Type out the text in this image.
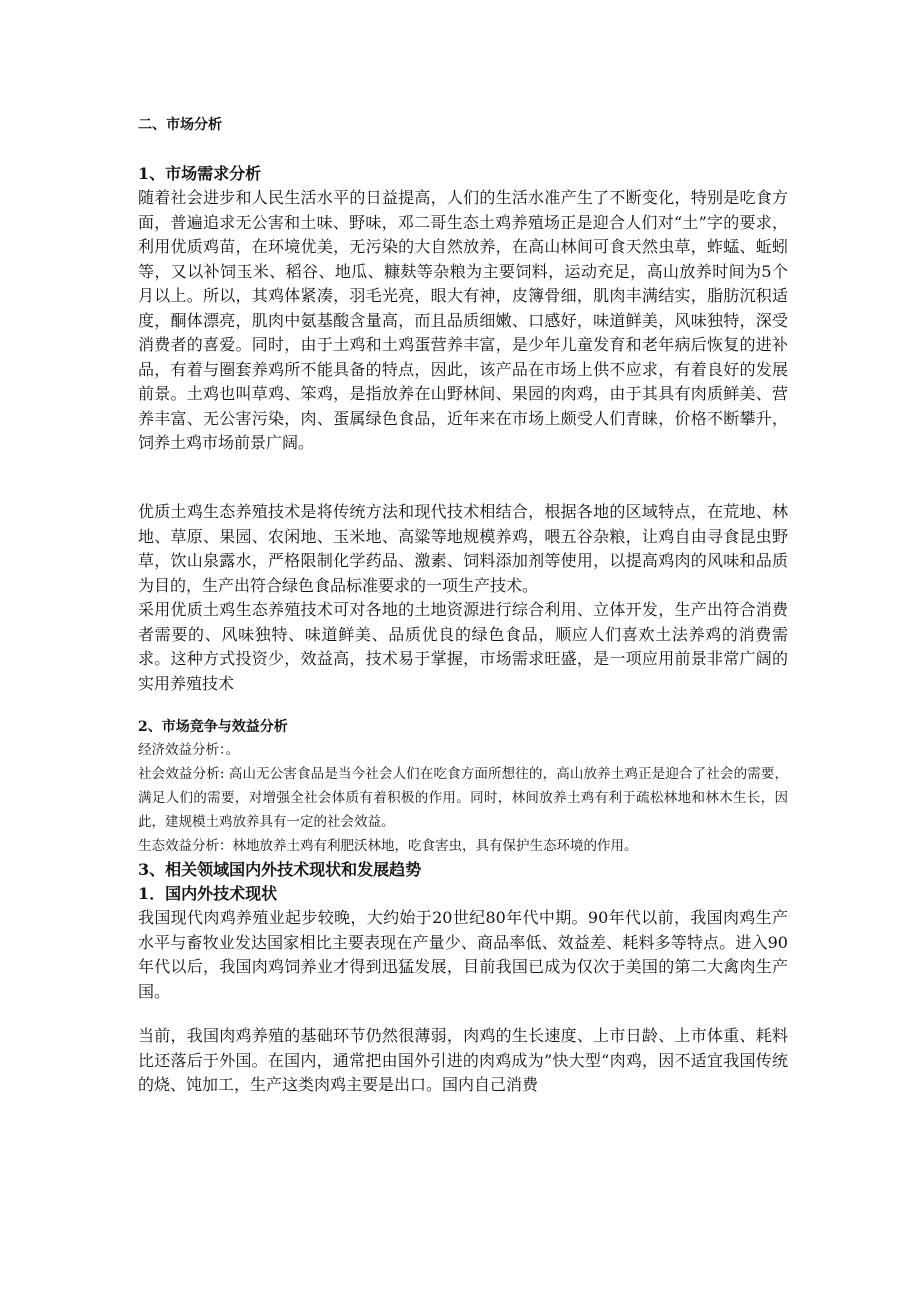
二、市场分析
1、市场需求分析

随着社会进步和人民生活水平的日益提高，人们的生活水准产生了不断变化，特别是吃食方面，普遍追求无公害和土味、野味，邓二哥生态土鸡养殖场正是迎合人们对“土”字的要求，利用优质鸡苗，在环境优美，无污染的大自然放养，在高山林间可食天然虫草，蚱蜢、蚯蚓等，又以补饲玉米、稻谷、地瓜、糠麸等杂粮为主要饲料，运动充足，高山放养时间为5个月以上。所以，其鸡体紧凑，羽毛光亮，眼大有神，皮簿骨细，肌肉丰满结实，脂肪沉积适度，酮体漂亮，肌肉中氨基酸含量高，而且品质细嫩、口感好，味道鲜美，风味独特，深受消费者的喜爱。同时，由于土鸡和土鸡蛋营养丰富，是少年儿童发育和老年病后恢复的进补品，有着与圈套养鸡所不能具备的特点，因此，该产品在市场上供不应求，有着良好的发展前景。土鸡也叫草鸡、笨鸡，是指放养在山野林间、果园的肉鸡，由于其具有肉质鲜美、营养丰富、无公害污染，肉、蛋属绿色食品，近年来在市场上颇受人们青睐，价格不断攀升，饲养土鸡市场前景广阔。

优质土鸡生态养殖技术是将传统方法和现代技术相结合，根据各地的区域特点，在荒地、林地、草原、果园、农闲地、玉米地、高粱等地规模养鸡，喂五谷杂粮，让鸡自由寻食昆虫野草，饮山泉露水，严格限制化学药品、激素、饲料添加剂等使用，以提高鸡肉的风味和品质为目的，生产出符合绿色食品标准要求的一项生产技术。

采用优质土鸡生态养殖技术可对各地的土地资源进行综合利用、立体开发，生产出符合消费者需要的、风味独特、味道鲜美、品质优良的绿色食品，顺应人们喜欢土法养鸡的消费需求。这种方式投资少，效益高，技术易于掌握，市场需求旺盛，是一项应用前景非常广阔的实用养殖技术

2、市场竞争与效益分析

经济效益分析：。

社会效益分析: 高山无公害食品是当今社会人们在吃食方面所想往的，高山放养土鸡正是迎合了社会的需要，满足人们的需要，对增强全社会体质有着积极的作用。同时，林间放养土鸡有利于疏松林地和林木生长，因此，建规模土鸡放养具有一定的社会效益。

生态效益分析：林地放养土鸡有利肥沃林地，吃食害虫，具有保护生态环境的作用。

3、相关领域国内外技术现状和发展趋势
1．国内外技术现状

我国现代肉鸡养殖业起步较晚，大约始于20世纪80年代中期。90年代以前，我国肉鸡生产水平与畜牧业发达国家相比主要表现在产量少、商品率低、效益差、耗料多等特点。进入90年代以后，我国肉鸡饲养业才得到迅猛发展，目前我国已成为仅次于美国的第二大禽肉生产国。

当前，我国肉鸡养殖的基础环节仍然很薄弱，肉鸡的生长速度、上市日龄、上市体重、耗料比还落后于外国。在国内，通常把由国外引进的肉鸡成为”快大型“肉鸡，因不适宜我国传统的烧、饨加工，生产这类肉鸡主要是出口。国内自己消费
